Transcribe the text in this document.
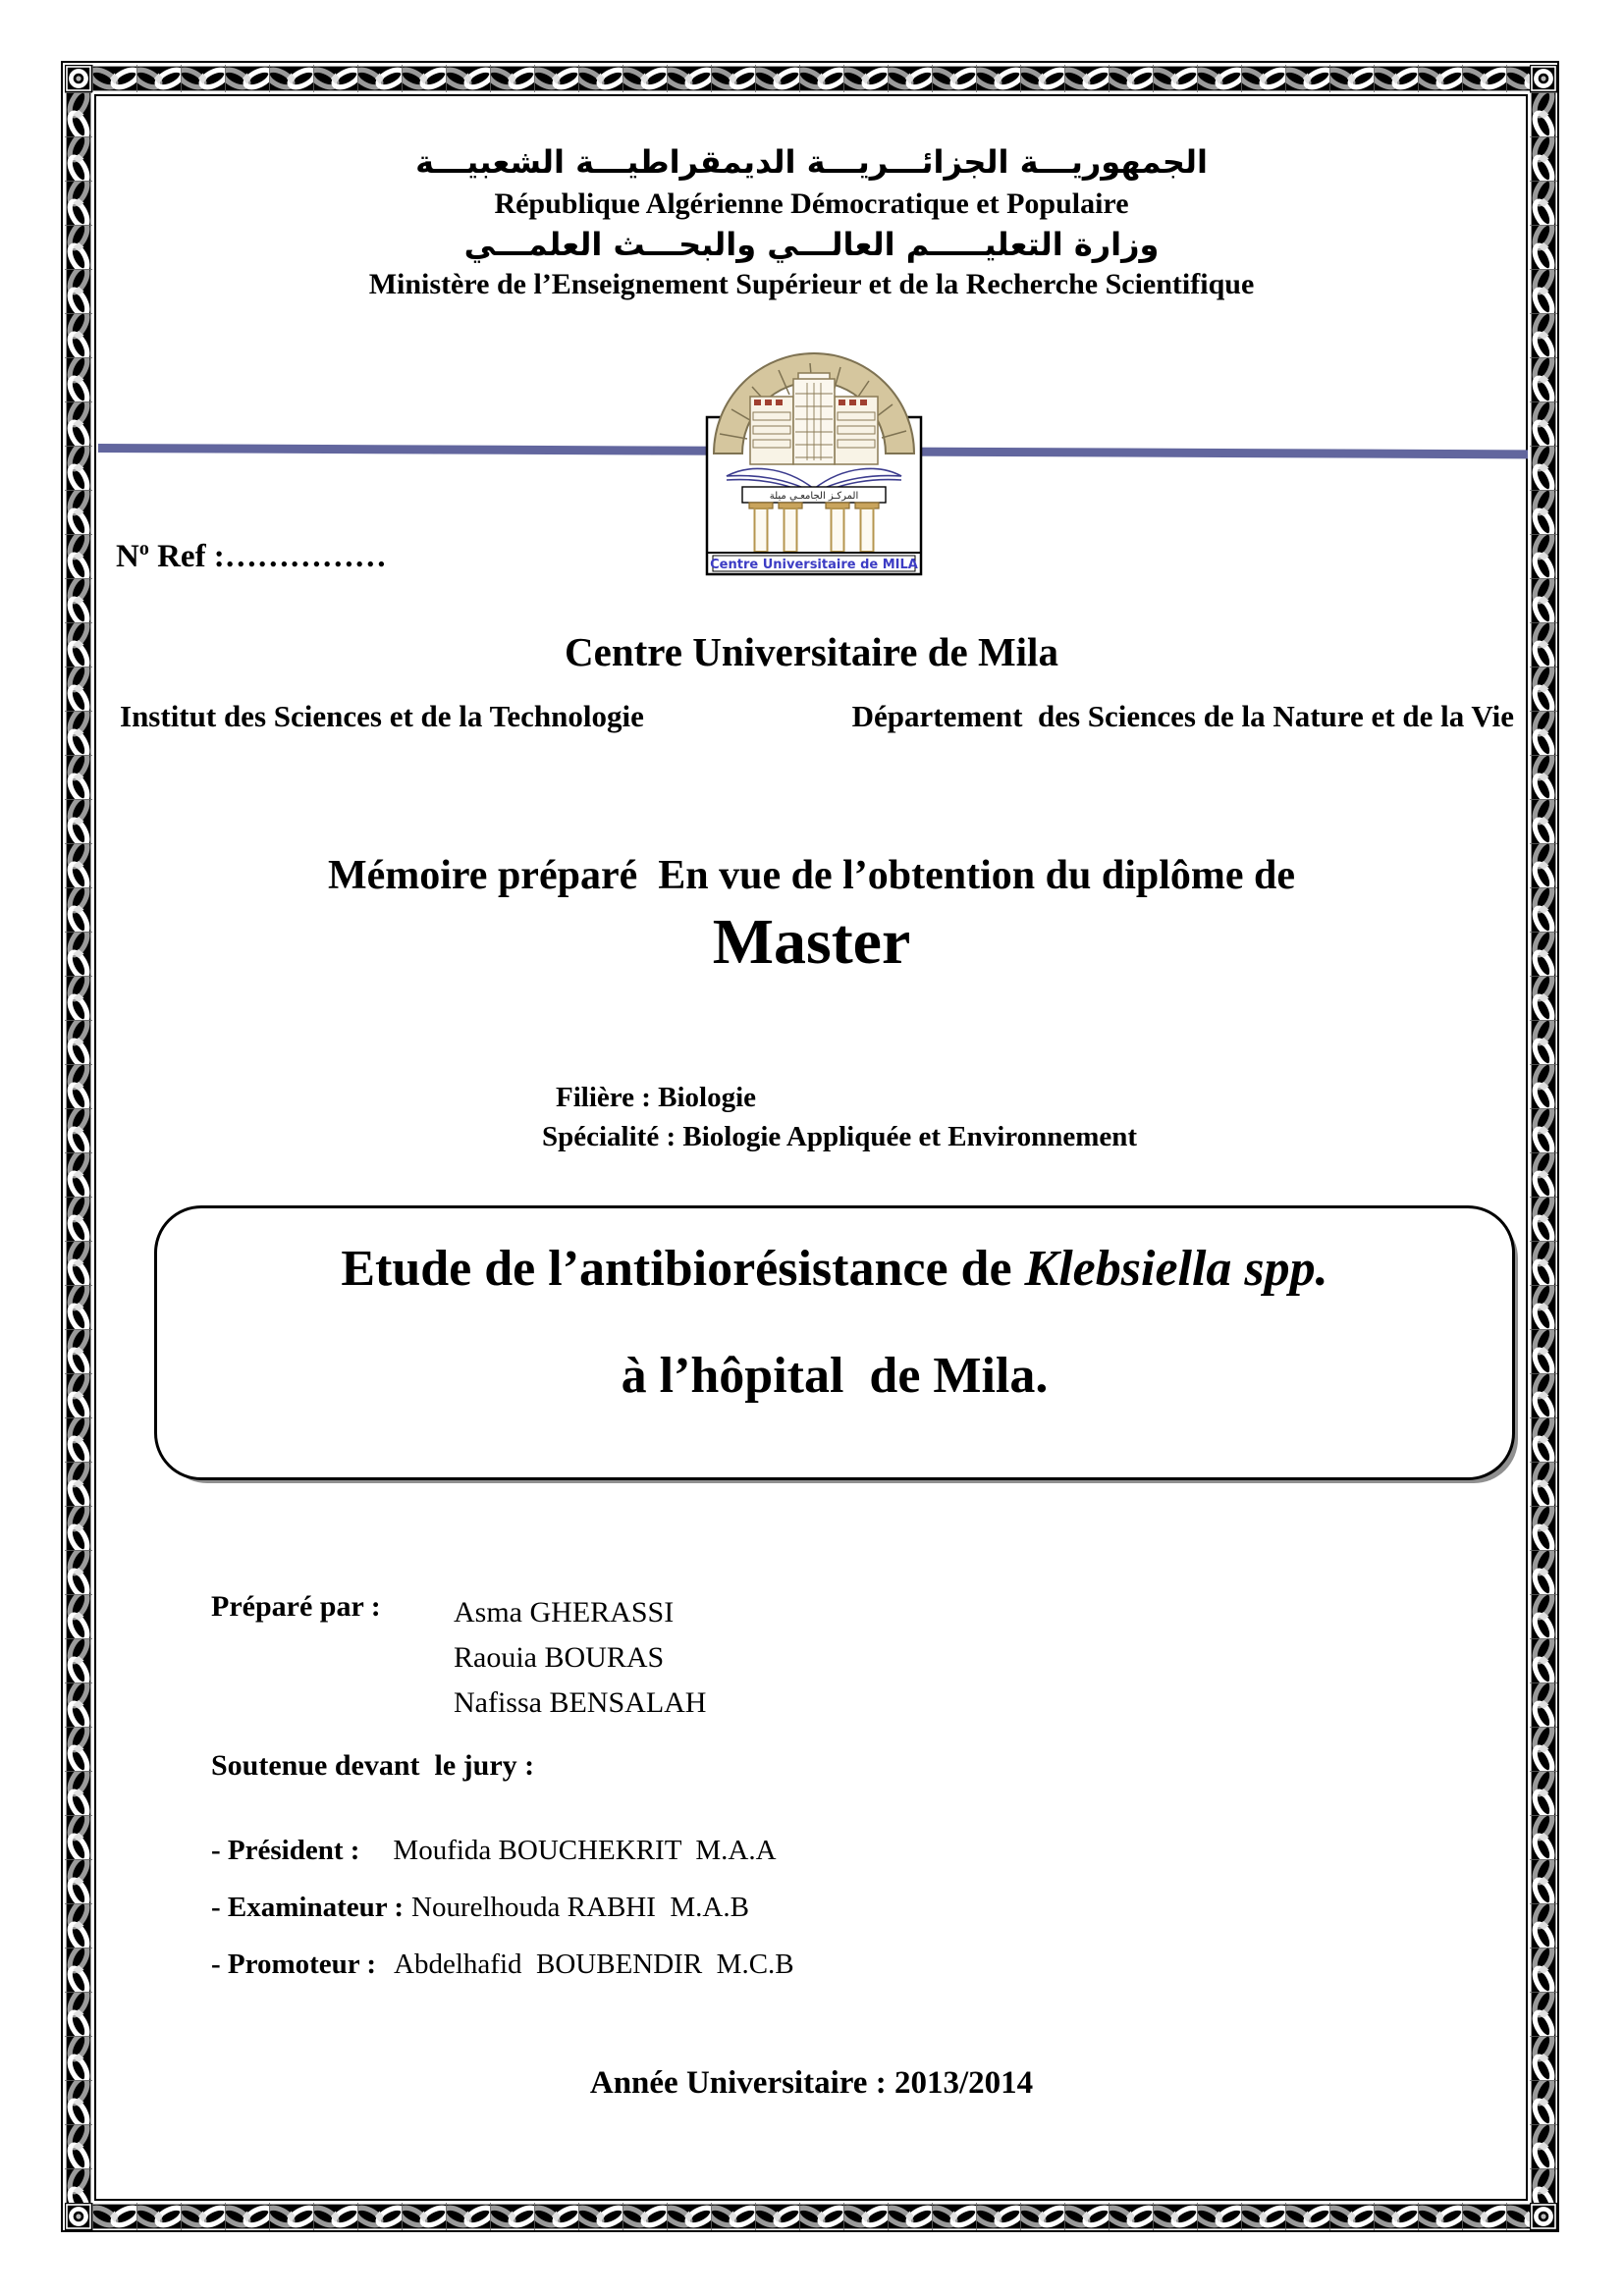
الجمهوريـــة الجزائـــريـــة الديمقراطيـــة الشعبيـــة
République Algérienne Démocratique et Populaire
وزارة التعليـــــم العالـــي والبحـــث العلمـــي
Ministère de l’Enseignement Supérieur et de la Recherche Scientifique
المركـز الجامعـي ميلة
Centre Universitaire de MILA
$N^o$ Ref :……………
Centre Universitaire de Mila
Institut des Sciences et de la Technologie	Département  des Sciences de la Nature et de la Vie
Mémoire préparé  En vue de l’obtention du diplôme de
Master
Filière : Biologie
Spécialité : Biologie Appliquée et Environnement
Etude de l’antibiorésistance de Klebsiella spp.
à l’hôpital  de Mila.
Préparé par : Asma GHERASSI
Raouia BOURAS
Nafissa BENSALAH
Soutenue devant  le jury :
- Président : Moufida BOUCHEKRIT  M.A.A
- Examinateur : Nourelhouda RABHI  M.A.B
- Promoteur : Abdelhafid  BOUBENDIR  M.C.B
Année Universitaire : 2013/2014
